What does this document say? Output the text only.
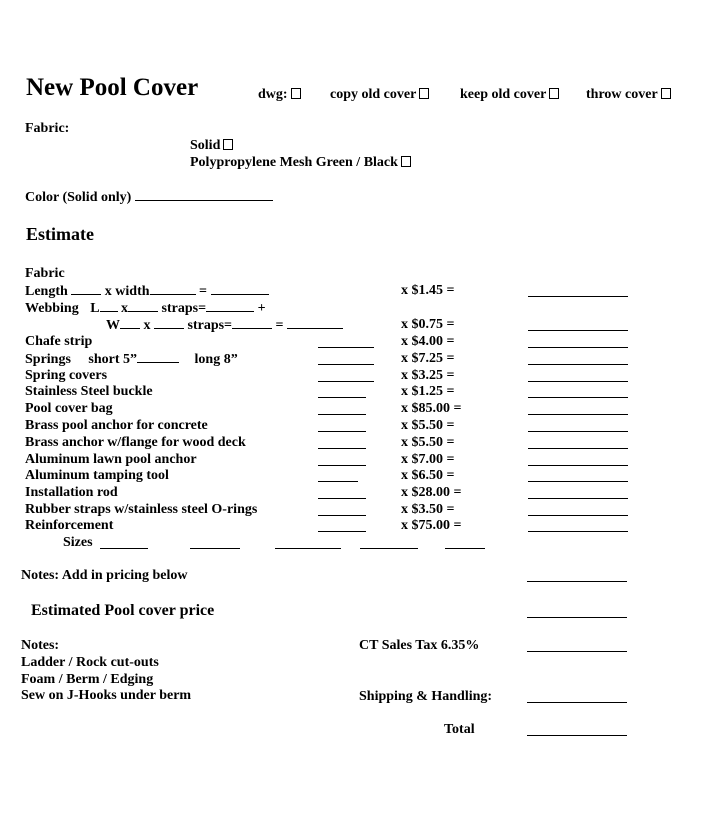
New Pool Cover	dwg:	copy old cover	keep old cover	throw cover
Fabric:
Solid
Polypropylene Mesh Green / Black
Color (Solid only)
Estimate
Fabric
Length	x width	=	x $1.45 =
Webbing L x straps=	+
W x	straps=	=	x $0.75 =
Chafe strip	x $4.00 =
Springs short 5”	long 8”	x $7.25 =
Spring covers	x $3.25 =
Stainless Steel buckle	x $1.25 =
Pool cover bag	x $85.00 =
Brass pool anchor for concrete	x $5.50 =
Brass anchor w/flange for wood deck	x $5.50 =
Aluminum lawn pool anchor	x $7.00 =
Aluminum tamping tool	x $6.50 =
Installation rod	x $28.00 =
Rubber straps w/stainless steel O-rings	x $3.50 =
Reinforcement	x $75.00 =
Sizes
Notes: Add in pricing below
Estimated Pool cover price
Notes:
Ladder / Rock cut-outs
Foam / Berm / Edging
Sew on J-Hooks under berm
CT Sales Tax 6.35%
Shipping & Handling:
Total
